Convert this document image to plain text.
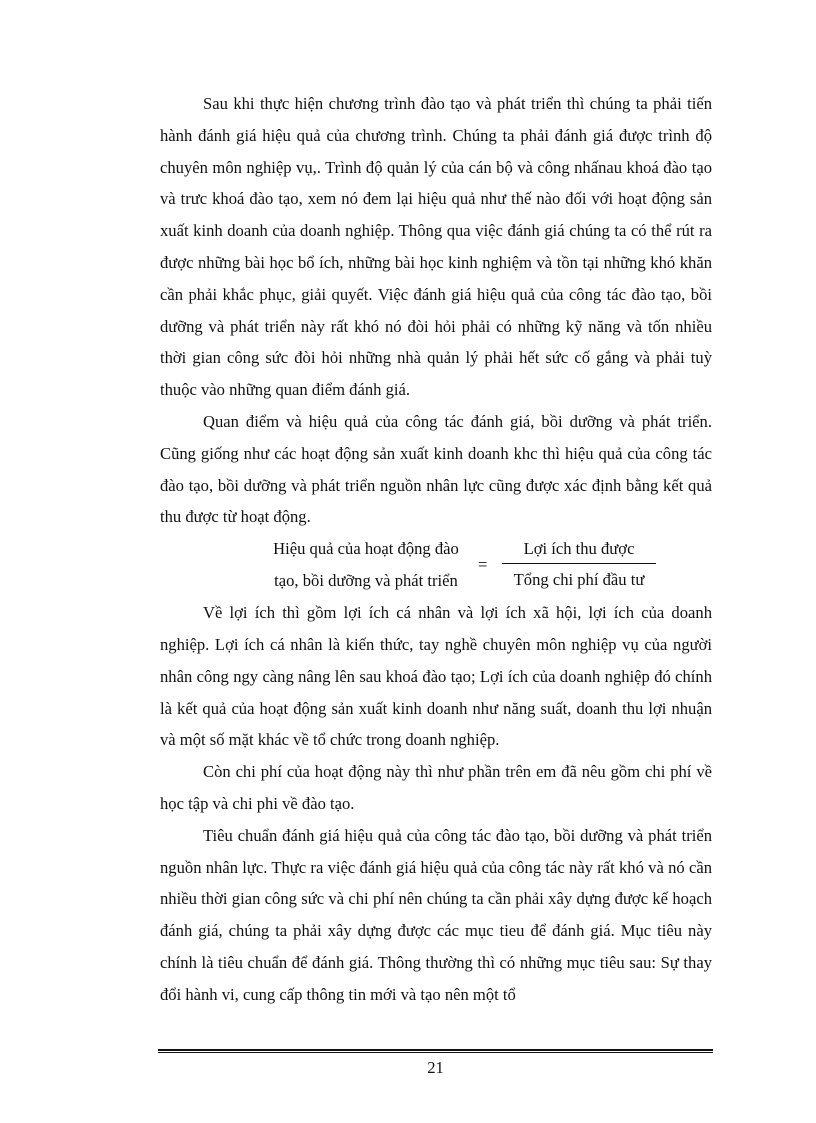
Sau khi thực hiện chương trình đào tạo và phát triển thì chúng ta phải tiến hành đánh giá hiệu quả của chương trình. Chúng ta phải đánh giá được trình độ chuyên môn nghiệp vụ,. Trình độ quản lý của cán bộ và công nhấnau khoá đào tạo và trưc khoá đào tạo, xem nó đem lại hiệu quả như thế nào đối với hoạt động sản xuất kinh doanh của doanh nghiệp. Thông qua việc đánh giá chúng ta có thể rút ra được những bài học bổ ích, những bài học kinh nghiệm và tồn tại những khó khăn cần phải khắc phục, giải quyết. Việc đánh giá hiệu quả của công tác đào tạo, bồi dưỡng và phát triển này rất khó nó đòi hỏi phải có những kỹ năng và tốn nhiều thời gian công sức đòi hỏi những nhà quản lý phải hết sức cố gắng và phải tuỳ thuộc vào những quan điểm đánh giá.

Quan điểm và hiệu quả của công tác đánh giá, bồi dưỡng và phát triển. Cũng giống như các hoạt động sản xuất kinh doanh khc thì hiệu quả của công tác đào tạo, bồi dưỡng và phát triển nguồn nhân lực cũng được xác định bằng kết quả thu được từ hoạt động.

Hiệu quả của hoạt động đào
tạo, bồi dưỡng và phát triển
=
Lợi ích thu được
Tổng chi phí đầu tư

Về lợi ích thì gồm lợi ích cá nhân và lợi ích xã hội, lợi ích của doanh nghiệp. Lợi ích cá nhân là kiến thức, tay nghề chuyên môn nghiệp vụ của người nhân công ngy càng nâng lên sau khoá đào tạo; Lợi ích của doanh nghiệp đó chính là kết quả của hoạt động sản xuất kinh doanh như năng suất, doanh thu lợi nhuận và một số mặt khác về tổ chức trong doanh nghiệp.

Còn chi phí của hoạt động này thì như phần trên em đã nêu gồm chi phí về học tập và chi phi về đào tạo.

Tiêu chuẩn đánh giá hiệu quả của công tác đào tạo, bồi dưỡng và phát triển nguồn nhân lực. Thực ra việc đánh giá hiệu quả của công tác này rất khó và nó cần nhiều thời gian công sức và chi phí nên chúng ta cần phải xây dựng được kế hoạch đánh giá, chúng ta phải xây dựng được các mục tieu để đánh giá. Mục tiêu này chính là tiêu chuẩn để đánh giá. Thông thường thì có những mục tiêu sau: Sự thay đổi hành vi, cung cấp thông tin mới và tạo nên một tổ

21
